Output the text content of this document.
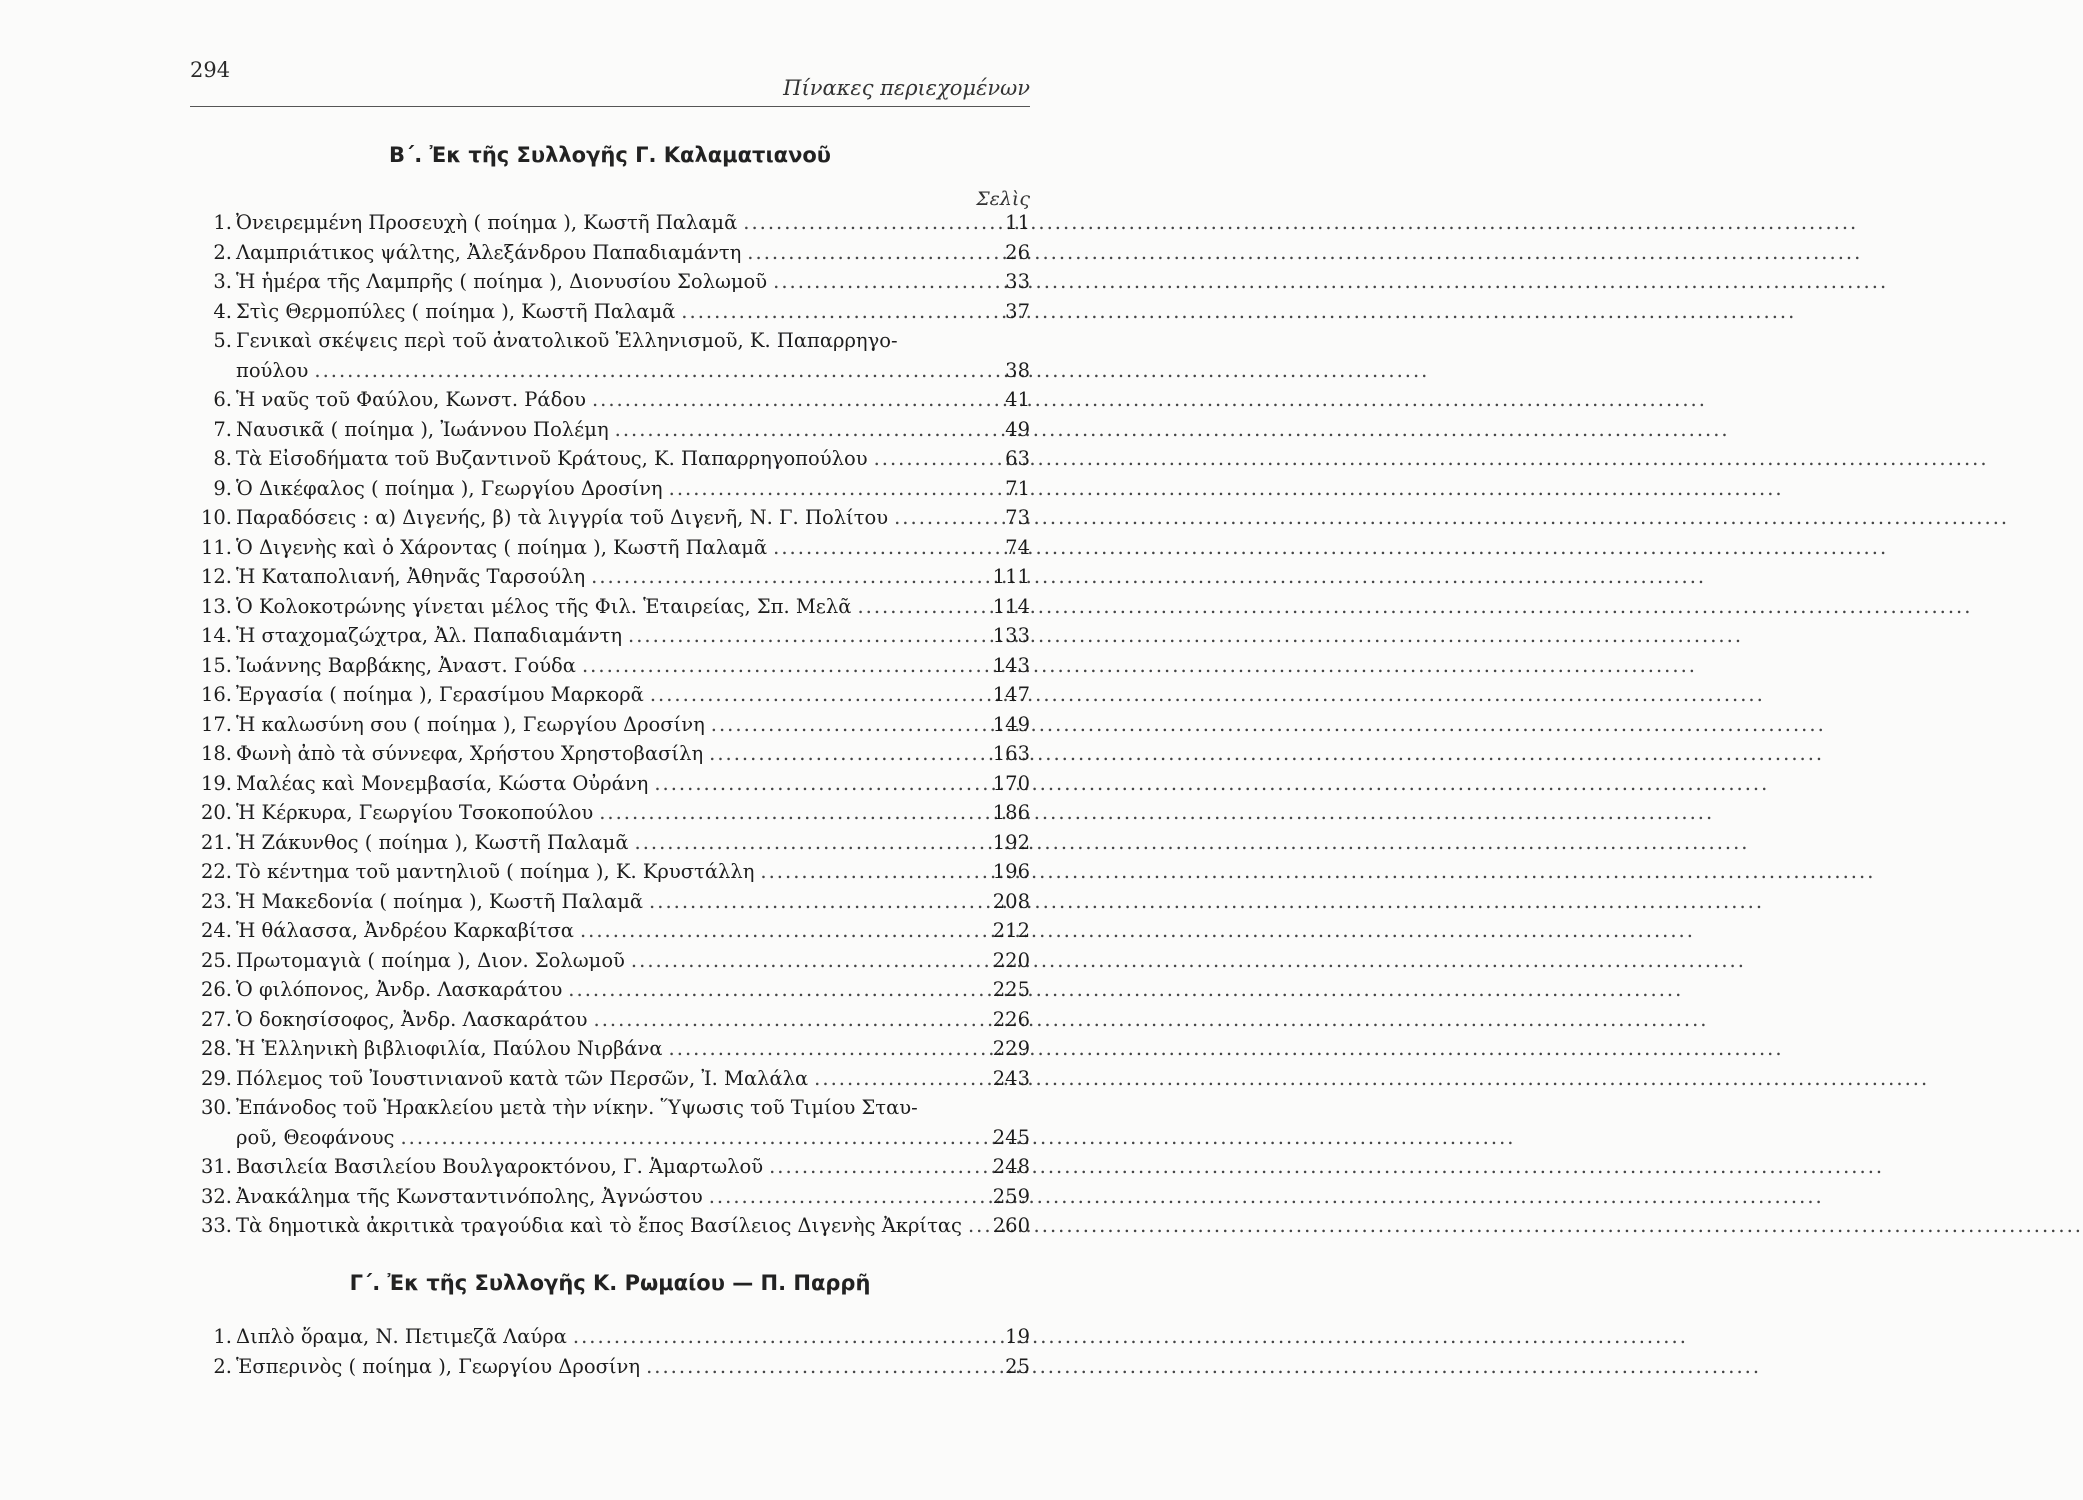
294
Πίνακες περιεχομένων
Β΄. Ἐκ τῆς Συλλογῆς Γ. Καλαματιανοῦ
Σελὶς
1. Ὀνειρεμμένη Προσευχὴ ( ποίημα ), Κωστῆ Παλαμᾶ .....	11
2. Λαμπριάτικος ψάλτης, Ἀλεξάνδρου Παπαδιαμάντη .....	26
3. Ἡ ἡμέρα τῆς Λαμπρῆς ( ποίημα ), Διονυσίου Σολωμοῦ .....	33
4. Στὶς Θερμοπύλες ( ποίημα ), Κωστῆ Παλαμᾶ .....	37
5. Γενικαὶ σκέψεις περὶ τοῦ ἀνατολικοῦ Ἑλληνισμοῦ, Κ. Παπαρρηγο-
πούλου .....	38
6. Ἡ ναῦς τοῦ Φαύλου, Κωνστ. Ράδου .....	41
7. Ναυσικᾶ ( ποίημα ), Ἰωάννου Πολέμη .....	49
8. Τὰ Εἰσοδήματα τοῦ Βυζαντινοῦ Κράτους, Κ. Παπαρρηγοπούλου .....	63
9. Ὁ Δικέφαλος ( ποίημα ), Γεωργίου Δροσίνη .....	71
10. Παραδόσεις : α) Διγενής, β) τὰ λιγγρία τοῦ Διγενῆ, Ν. Γ. Πολίτου .....	73
11. Ὁ Διγενὴς καὶ ὁ Χάροντας ( ποίημα ), Κωστῆ Παλαμᾶ .....	74
12. Ἡ Καταπολιανή, Ἀθηνᾶς Ταρσούλη .....	111
13. Ὁ Κολοκοτρώνης γίνεται μέλος τῆς Φιλ. Ἑταιρείας, Σπ. Μελᾶ .....	114
14. Ἡ σταχομαζώχτρα, Ἀλ. Παπαδιαμάντη .....	133
15. Ἰωάννης Βαρβάκης, Ἀναστ. Γούδα .....	143
16. Ἐργασία ( ποίημα ), Γερασίμου Μαρκορᾶ .....	147
17. Ἡ καλωσύνη σου ( ποίημα ), Γεωργίου Δροσίνη .....	149
18. Φωνὴ ἀπὸ τὰ σύννεφα, Χρήστου Χρηστοβασίλη .....	163
19. Μαλέας καὶ Μονεμβασία, Κώστα Οὐράνη .....	170
20. Ἡ Κέρκυρα, Γεωργίου Τσοκοπούλου .....	186
21. Ἡ Ζάκυνθος ( ποίημα ), Κωστῆ Παλαμᾶ .....	192
22. Τὸ κέντημα τοῦ μαντηλιοῦ ( ποίημα ), Κ. Κρυστάλλη .....	196
23. Ἡ Μακεδονία ( ποίημα ), Κωστῆ Παλαμᾶ .....	208
24. Ἡ θάλασσα, Ἀνδρέου Καρκαβίτσα .....	212
25. Πρωτομαγιὰ ( ποίημα ), Διον. Σολωμοῦ .....	220
26. Ὁ φιλόπονος, Ἀνδρ. Λασκαράτου .....	225
27. Ὁ δοκησίσοφος, Ἀνδρ. Λασκαράτου .....	226
28. Ἡ Ἑλληνικὴ βιβλιοφιλία, Παύλου Νιρβάνα .....	229
29. Πόλεμος τοῦ Ἰουστινιανοῦ κατὰ τῶν Περσῶν, Ἰ. Μαλάλα .....	243
30. Ἐπάνοδος τοῦ Ἡρακλείου μετὰ τὴν νίκην. Ὕψωσις τοῦ Τιμίου Σταυ-
ροῦ, Θεοφάνους .....	245
31. Βασιλεία Βασιλείου Βουλγαροκτόνου, Γ. Ἁμαρτωλοῦ .....	248
32. Ἀνακάλημα τῆς Κωνσταντινόπολης, Ἀγνώστου .....	259
33. Τὰ δημοτικὰ ἀκριτικὰ τραγούδια καὶ τὸ ἔπος Βασίλειος Διγενὴς Ἀκρίτας .....	260
Γ΄. Ἐκ τῆς Συλλογῆς Κ. Ρωμαίου — Π. Παρρῆ
1. Διπλὸ ὅραμα, Ν. Πετιμεζᾶ Λαύρα .....	19
2. Ἑσπερινὸς ( ποίημα ), Γεωργίου Δροσίνη .....	25
